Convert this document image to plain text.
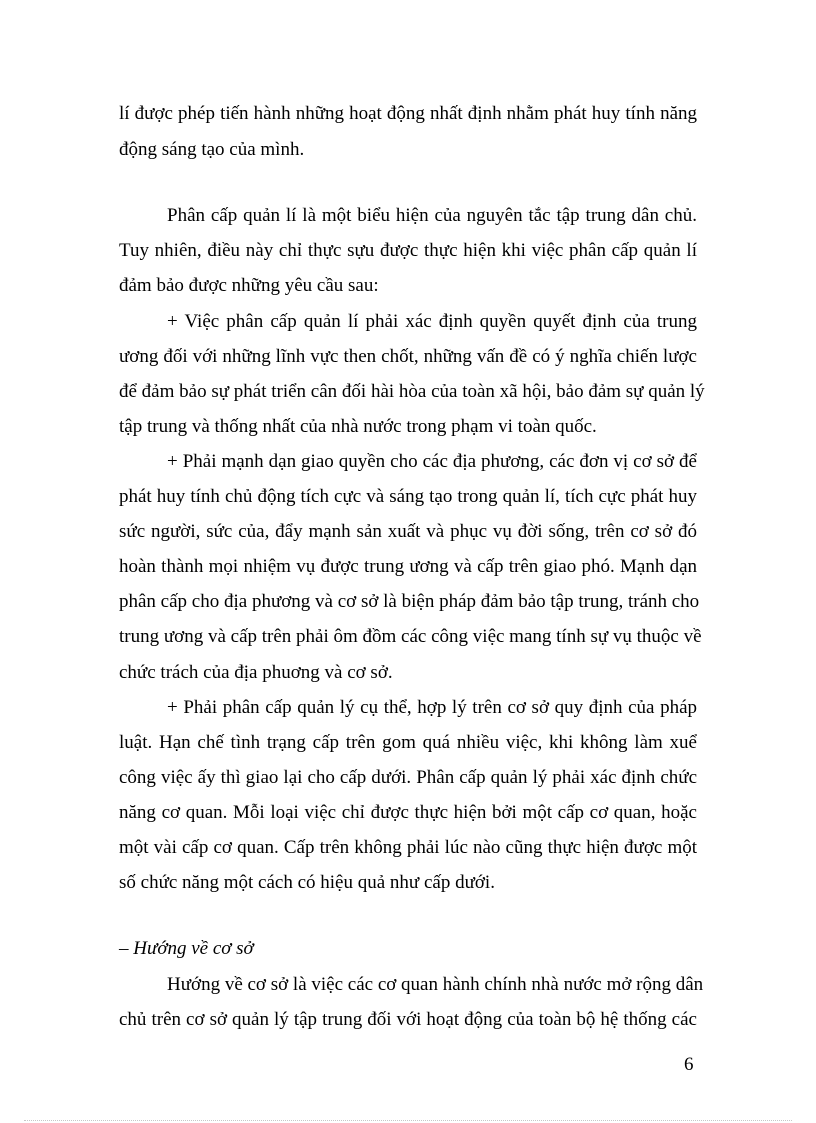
lí được phép tiến hành những hoạt động nhất định nhằm phát huy tính năng
động sáng tạo của mình.
Phân cấp quản lí là một biểu hiện của nguyên tắc tập trung dân chủ.
Tuy nhiên, điều này chỉ thực sựu được thực hiện khi việc phân cấp quản lí
đảm bảo được những yêu cầu sau:
+ Việc phân cấp quản lí phải xác định quyền quyết định của trung
ương đối với những lĩnh vực then chốt, những vấn đề có ý nghĩa chiến lược
để đảm bảo sự phát triển cân đối hài hòa của toàn xã hội, bảo đảm sự quản lý
tập trung và thống nhất của nhà nước trong phạm vi toàn quốc.
+ Phải mạnh dạn giao quyền cho các địa phương, các đơn vị cơ sở để
phát huy tính chủ động tích cực và sáng tạo trong quản lí, tích cực phát huy
sức người, sức của, đẩy mạnh sản xuất và phục vụ đời sống, trên cơ sở đó
hoàn thành mọi nhiệm vụ được trung ương và cấp trên giao phó. Mạnh dạn
phân cấp cho địa phương và cơ sở là biện pháp đảm bảo tập trung, tránh cho
trung ương và cấp trên phải ôm đồm các công việc mang tính sự vụ thuộc về
chức trách của địa phuơng và cơ sở.
+ Phải phân cấp quản lý cụ thể, hợp lý trên cơ sở quy định của pháp
luật. Hạn chế tình trạng cấp trên gom quá nhiều việc, khi không làm xuể
công việc ấy thì giao lại cho cấp dưới. Phân cấp quản lý phải xác định chức
năng cơ quan. Mỗi loại việc chỉ được thực hiện bởi một cấp cơ quan, hoặc
một vài cấp cơ quan. Cấp trên không phải lúc nào cũng thực hiện được một
số chức năng một cách có hiệu quả như cấp dưới.
– Hướng về cơ sở
Hướng về cơ sở là việc các cơ quan hành chính nhà nước mở rộng dân
chủ trên cơ sở quản lý tập trung đối với hoạt động của toàn bộ hệ thống các
6
